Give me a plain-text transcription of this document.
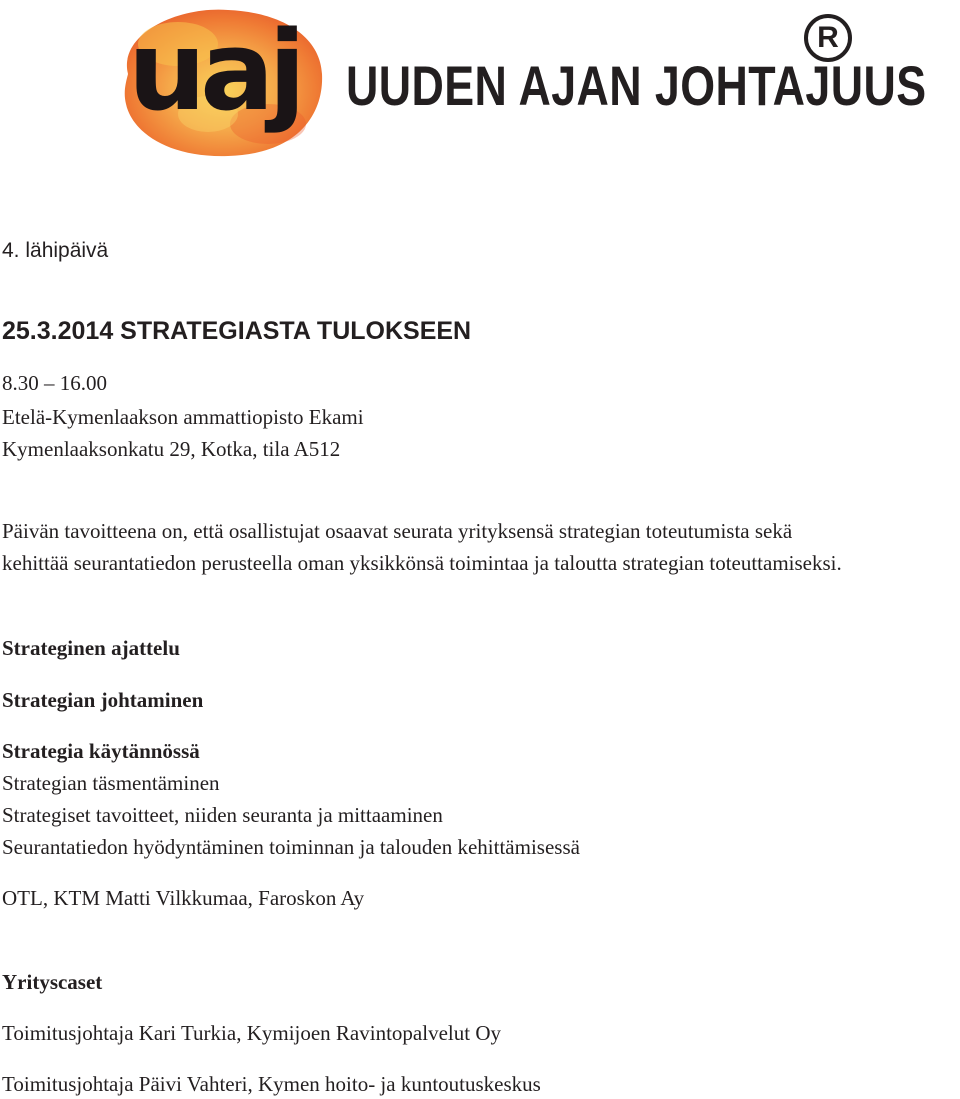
uaj UUDEN AJAN JOHTAJUUS
R
4. lähipäivä
25.3.2014 STRATEGIASTA TULOKSEEN
8.30 – 16.00
Etelä-Kymenlaakson ammattiopisto Ekami
Kymenlaaksonkatu 29, Kotka, tila A512
Päivän tavoitteena on, että osallistujat osaavat seurata yrityksensä strategian toteutumista sekä
kehittää seurantatiedon perusteella oman yksikkönsä toimintaa ja taloutta strategian toteuttamiseksi.
Strateginen ajattelu
Strategian johtaminen
Strategia käytännössä
Strategian täsmentäminen
Strategiset tavoitteet, niiden seuranta ja mittaaminen
Seurantatiedon hyödyntäminen toiminnan ja talouden kehittämisessä
OTL, KTM Matti Vilkkumaa, Faroskon Ay
Yrityscaset
Toimitusjohtaja Kari Turkia, Kymijoen Ravintopalvelut Oy
Toimitusjohtaja Päivi Vahteri, Kymen hoito- ja kuntoutuskeskus
